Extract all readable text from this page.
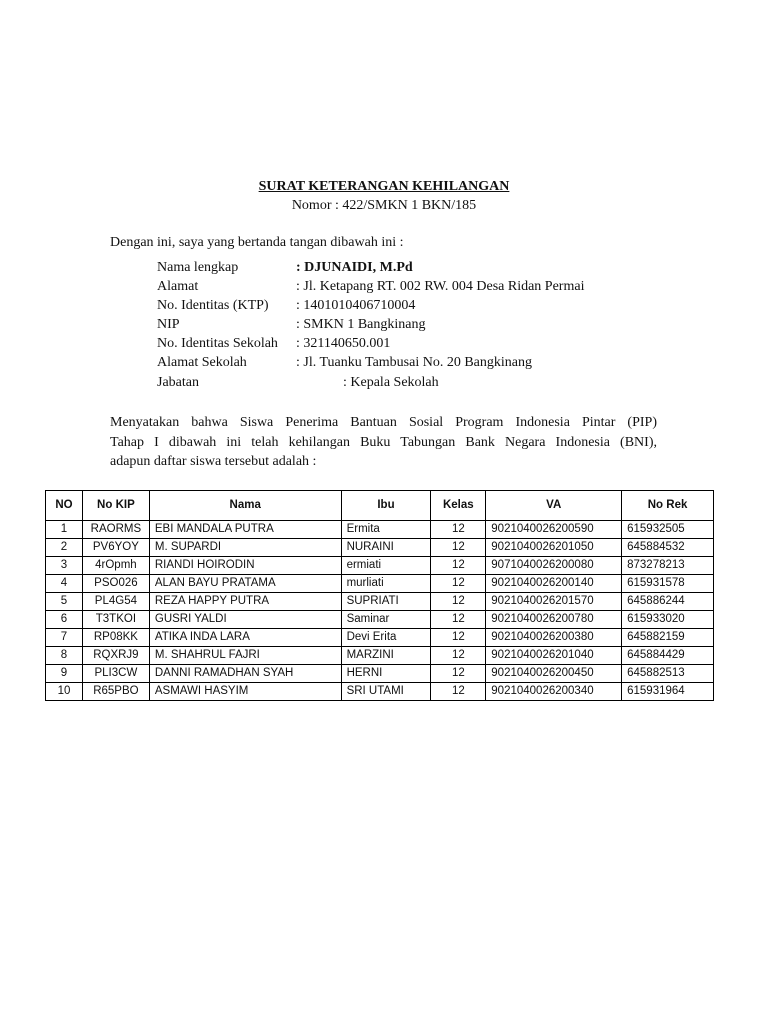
SURAT KETERANGAN KEHILANGAN
Nomor : 422/SMKN 1 BKN/185
Dengan ini, saya yang bertanda tangan dibawah ini :
Nama lengkap	: DJUNAIDI, M.Pd
Alamat	: Jl. Ketapang RT. 002 RW. 004 Desa Ridan Permai
No. Identitas (KTP) : 1401010406710004
NIP	: SMKN 1 Bangkinang
No. Identitas Sekolah : 321140650.001
Alamat Sekolah	: Jl. Tuanku Tambusai No. 20 Bangkinang
Jabatan	: Kepala Sekolah
Menyatakan bahwa Siswa Penerima Bantuan Sosial Program Indonesia Pintar (PIP)
Tahap I dibawah ini telah kehilangan Buku Tabungan Bank Negara Indonesia (BNI),
adapun daftar siswa tersebut adalah :
NO	No KIP	Nama	Ibu	Kelas	VA	No Rek
1	RAORMS	EBI MANDALA PUTRA	Ermita	12	9021040026200590	615932505
2	PV6YOY	M. SUPARDI	NURAINI	12	9021040026201050	645884532
3	4rOpmh	RIANDI HOIRODIN	ermiati	12	9071040026200080	873278213
4	PSO026	ALAN BAYU PRATAMA	murliati	12	9021040026200140	615931578
5	PL4G54	REZA HAPPY PUTRA	SUPRIATI	12	9021040026201570	645886244
6	T3TKOI	GUSRI YALDI	Saminar	12	9021040026200780	615933020
7	RP08KK	ATIKA INDA LARA	Devi Erita	12	9021040026200380	645882159
8	RQXRJ9	M. SHAHRUL FAJRI	MARZINI	12	9021040026201040	645884429
9	PLI3CW	DANNI RAMADHAN SYAH	HERNI	12	9021040026200450	645882513
10	R65PBO	ASMAWI HASYIM	SRI UTAMI	12	9021040026200340	615931964
